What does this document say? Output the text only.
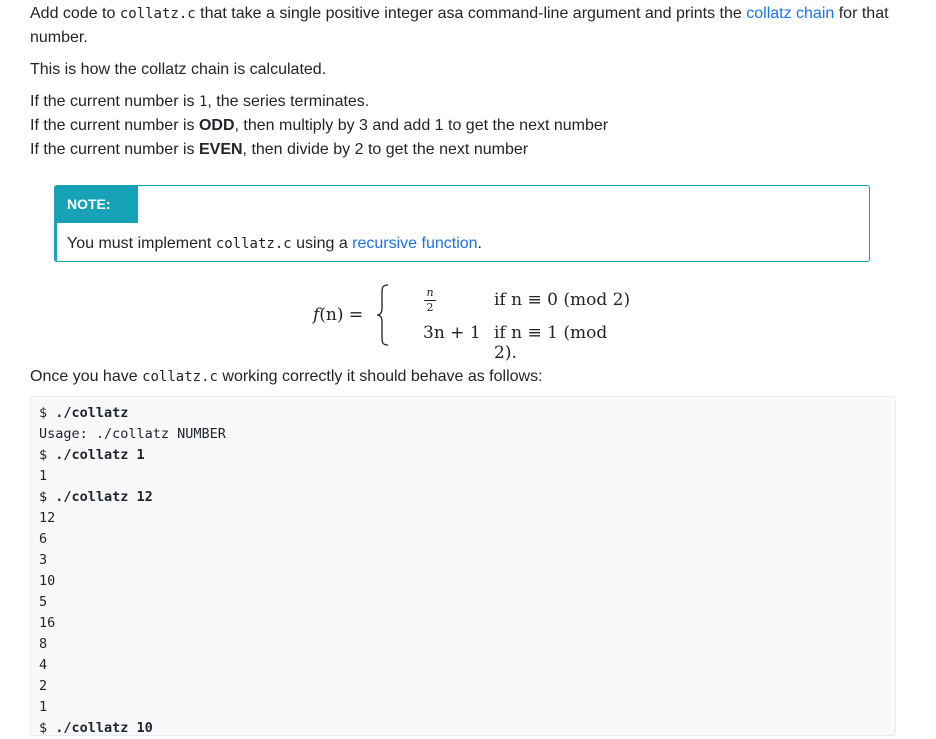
Add code to collatz.c that take a single positive integer asa command-line argument and prints the collatz chain for that number.

This is how the collatz chain is calculated.

If the current number is 1, the series terminates.

If the current number is ODD, then multiply by 3 and add 1 to get the next number

If the current number is EVEN, then divide by 2 to get the next number

NOTE:

You must implement collatz.c using a recursive function.

f(n) =
n
2	if n ≡ 0 (mod 2)
3n + 1 if n ≡ 1 (mod 2).

Once you have collatz.c working correctly it should behave as follows:

$ ./collatz
Usage: ./collatz NUMBER
$ ./collatz 1
1
$ ./collatz 12
12
6
3
10
5
16
8
4
2
1
$ ./collatz 10
